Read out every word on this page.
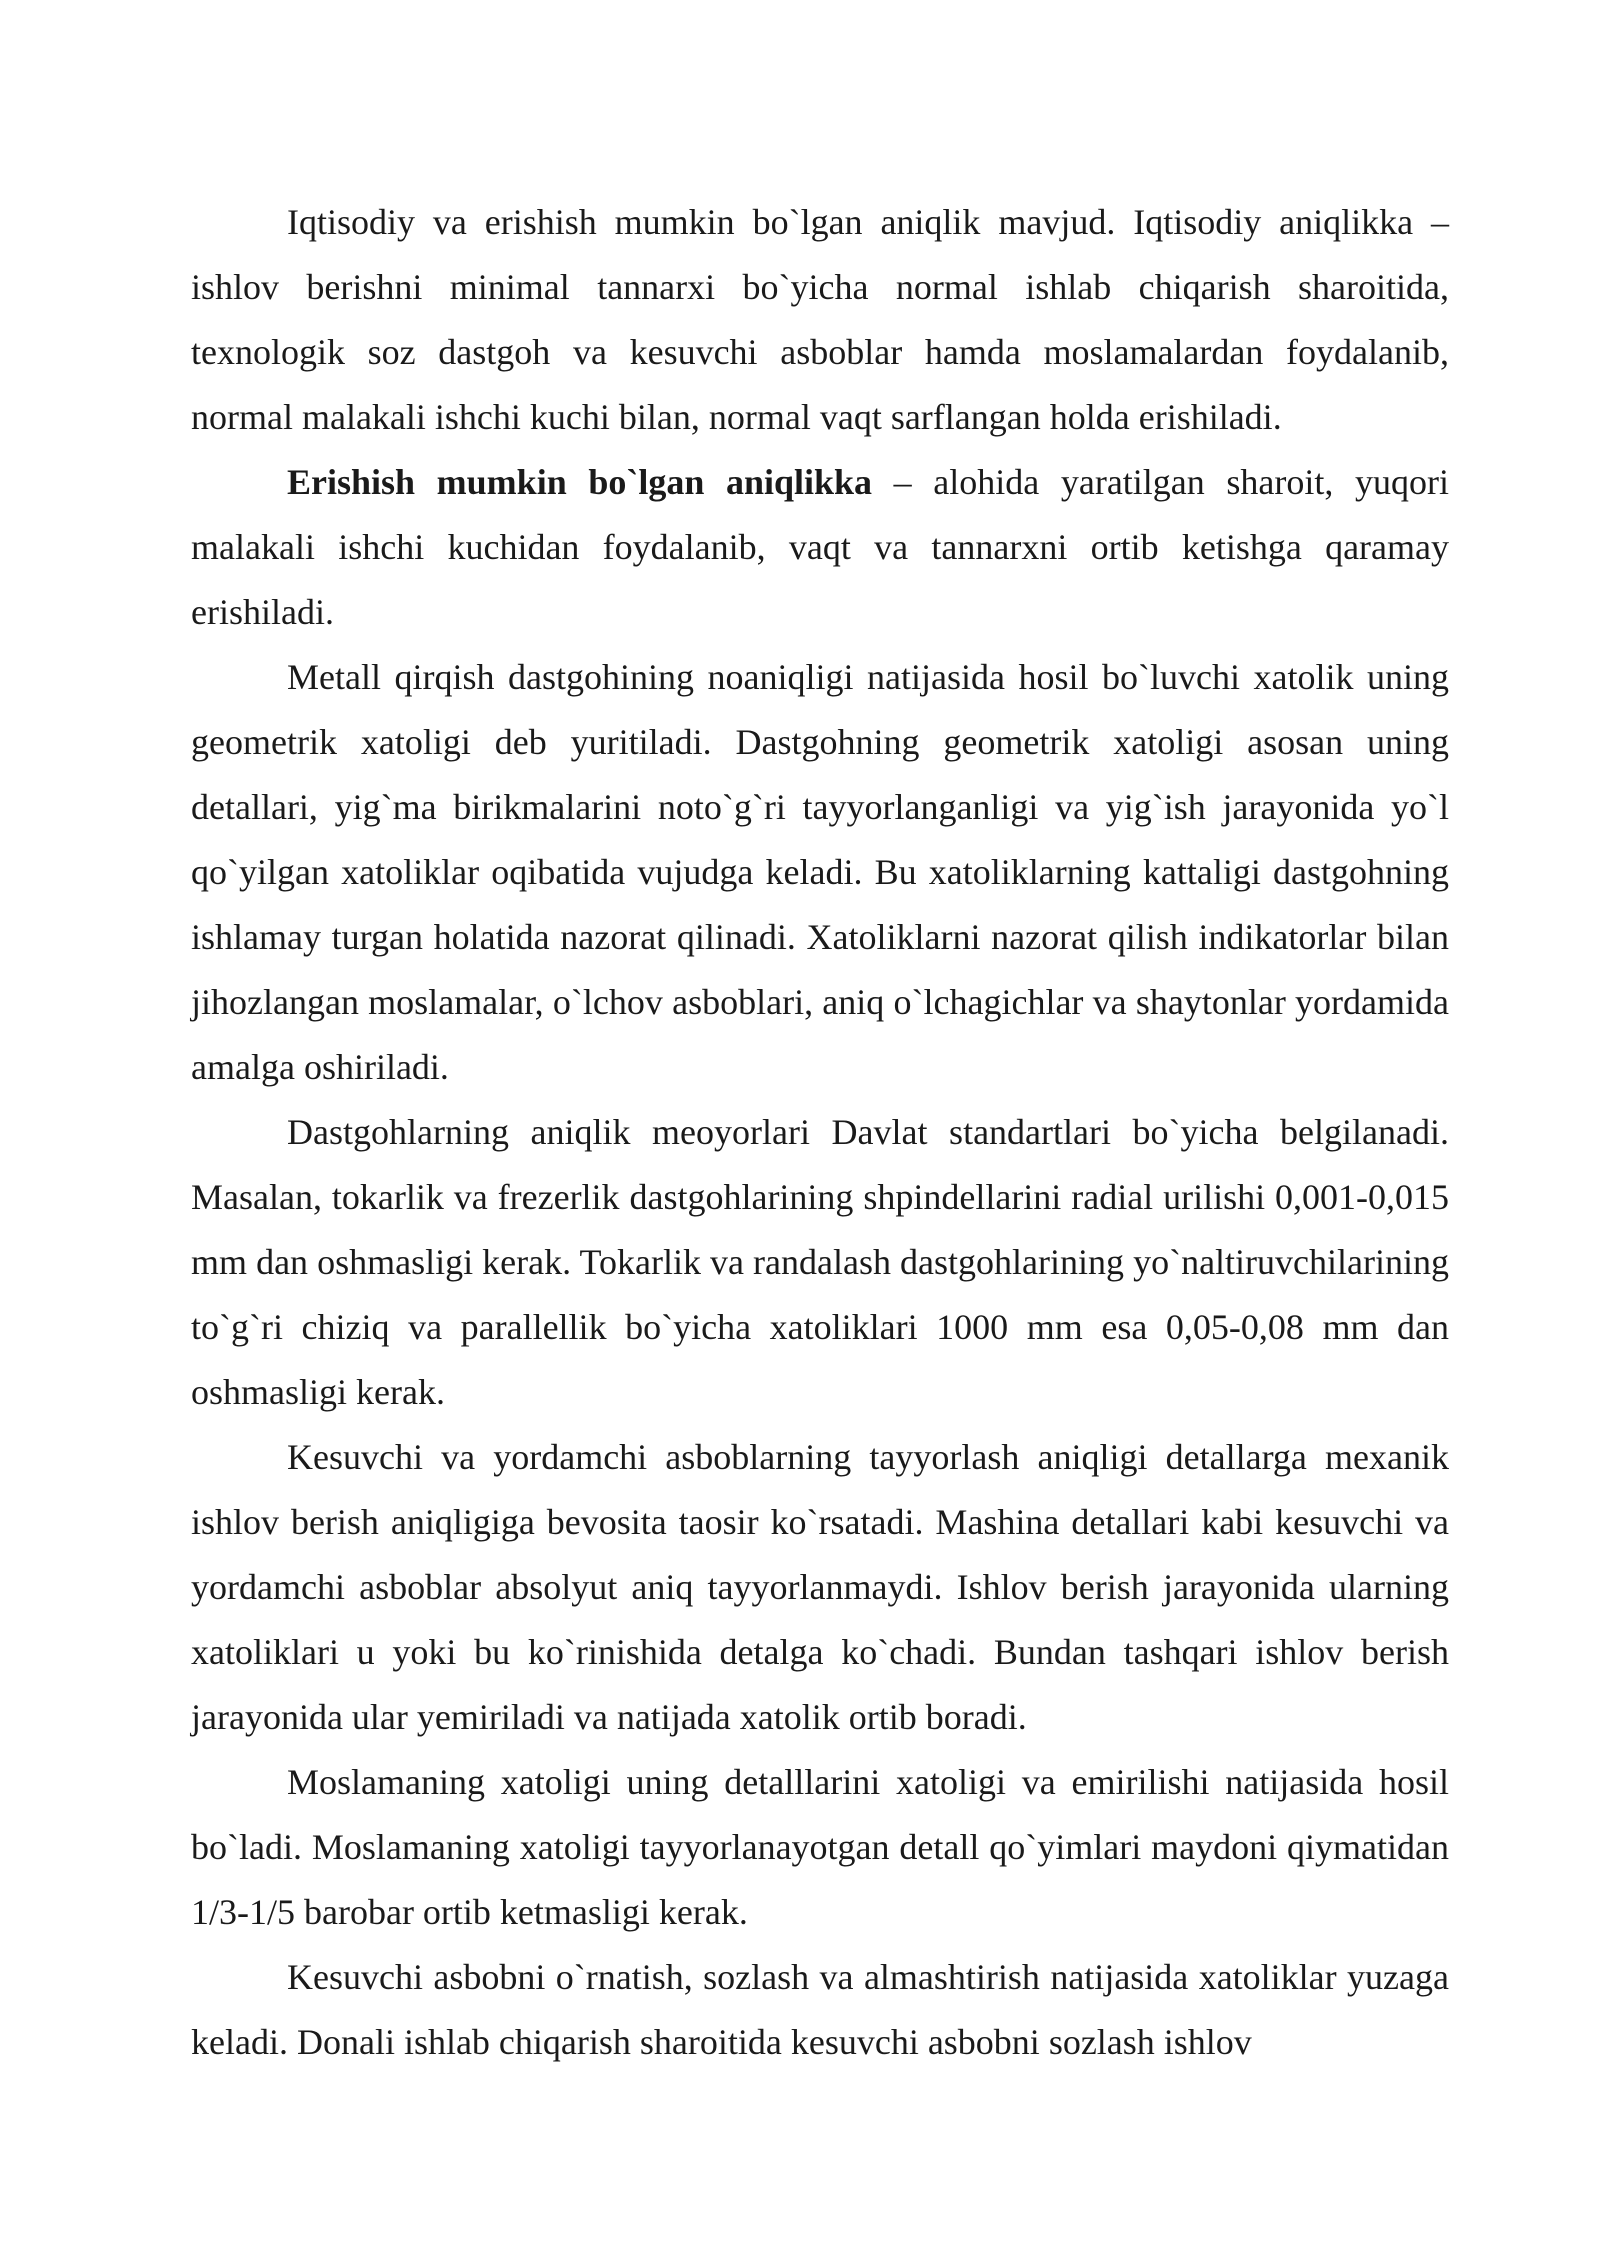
Iqtisodiy va erishish mumkin bo`lgan aniqlik mavjud. Iqtisodiy aniqlikka – ishlov berishni minimal tannarxi bo`yicha normal ishlab chiqarish sharoitida, texnologik soz dastgoh va kesuvchi asboblar hamda moslamalardan foydalanib, normal malakali ishchi kuchi bilan, normal vaqt sarflangan holda erishiladi.

Erishish mumkin bo`lgan aniqlikka – alohida yaratilgan sharoit, yuqori malakali ishchi kuchidan foydalanib, vaqt va tannarxni ortib ketishga qaramay erishiladi.

Metall qirqish dastgohining noaniqligi natijasida hosil bo`luvchi xatolik uning geometrik xatoligi deb yuritiladi. Dastgohning geometrik xatoligi asosan uning detallari, yig`ma birikmalarini noto`g`ri tayyorlanganligi va yig`ish jarayonida yo`l qo`yilgan xatoliklar oqibatida vujudga keladi. Bu xatoliklarning kattaligi dastgohning ishlamay turgan holatida nazorat qilinadi. Xatoliklarni nazorat qilish indikatorlar bilan jihozlangan moslamalar, o`lchov asboblari, aniq o`lchagichlar va shaytonlar yordamida amalga oshiriladi.

Dastgohlarning aniqlik meoyorlari Davlat standartlari bo`yicha belgilanadi. Masalan, tokarlik va frezerlik dastgohlarining shpindellarini radial urilishi 0,001-0,015 mm dan oshmasligi kerak. Tokarlik va randalash dastgohlarining yo`naltiruvchilarining to`g`ri chiziq va parallellik bo`yicha xatoliklari 1000 mm esa 0,05-0,08 mm dan oshmasligi kerak.

Kesuvchi va yordamchi asboblarning tayyorlash aniqligi detallarga mexanik ishlov berish aniqligiga bevosita taosir ko`rsatadi. Mashina detallari kabi kesuvchi va yordamchi asboblar absolyut aniq tayyorlanmaydi. Ishlov berish jarayonida ularning xatoliklari u yoki bu ko`rinishida detalga ko`chadi. Bundan tashqari ishlov berish jarayonida ular yemiriladi va natijada xatolik ortib boradi.

Moslamaning xatoligi uning detalllarini xatoligi va emirilishi natijasida hosil bo`ladi. Moslamaning xatoligi tayyorlanayotgan detall qo`yimlari maydoni qiymatidan 1/3-1/5 barobar ortib ketmasligi kerak.

Kesuvchi asbobni o`rnatish, sozlash va almashtirish natijasida xatoliklar yuzaga keladi. Donali ishlab chiqarish sharoitida kesuvchi asbobni sozlash ishlov
